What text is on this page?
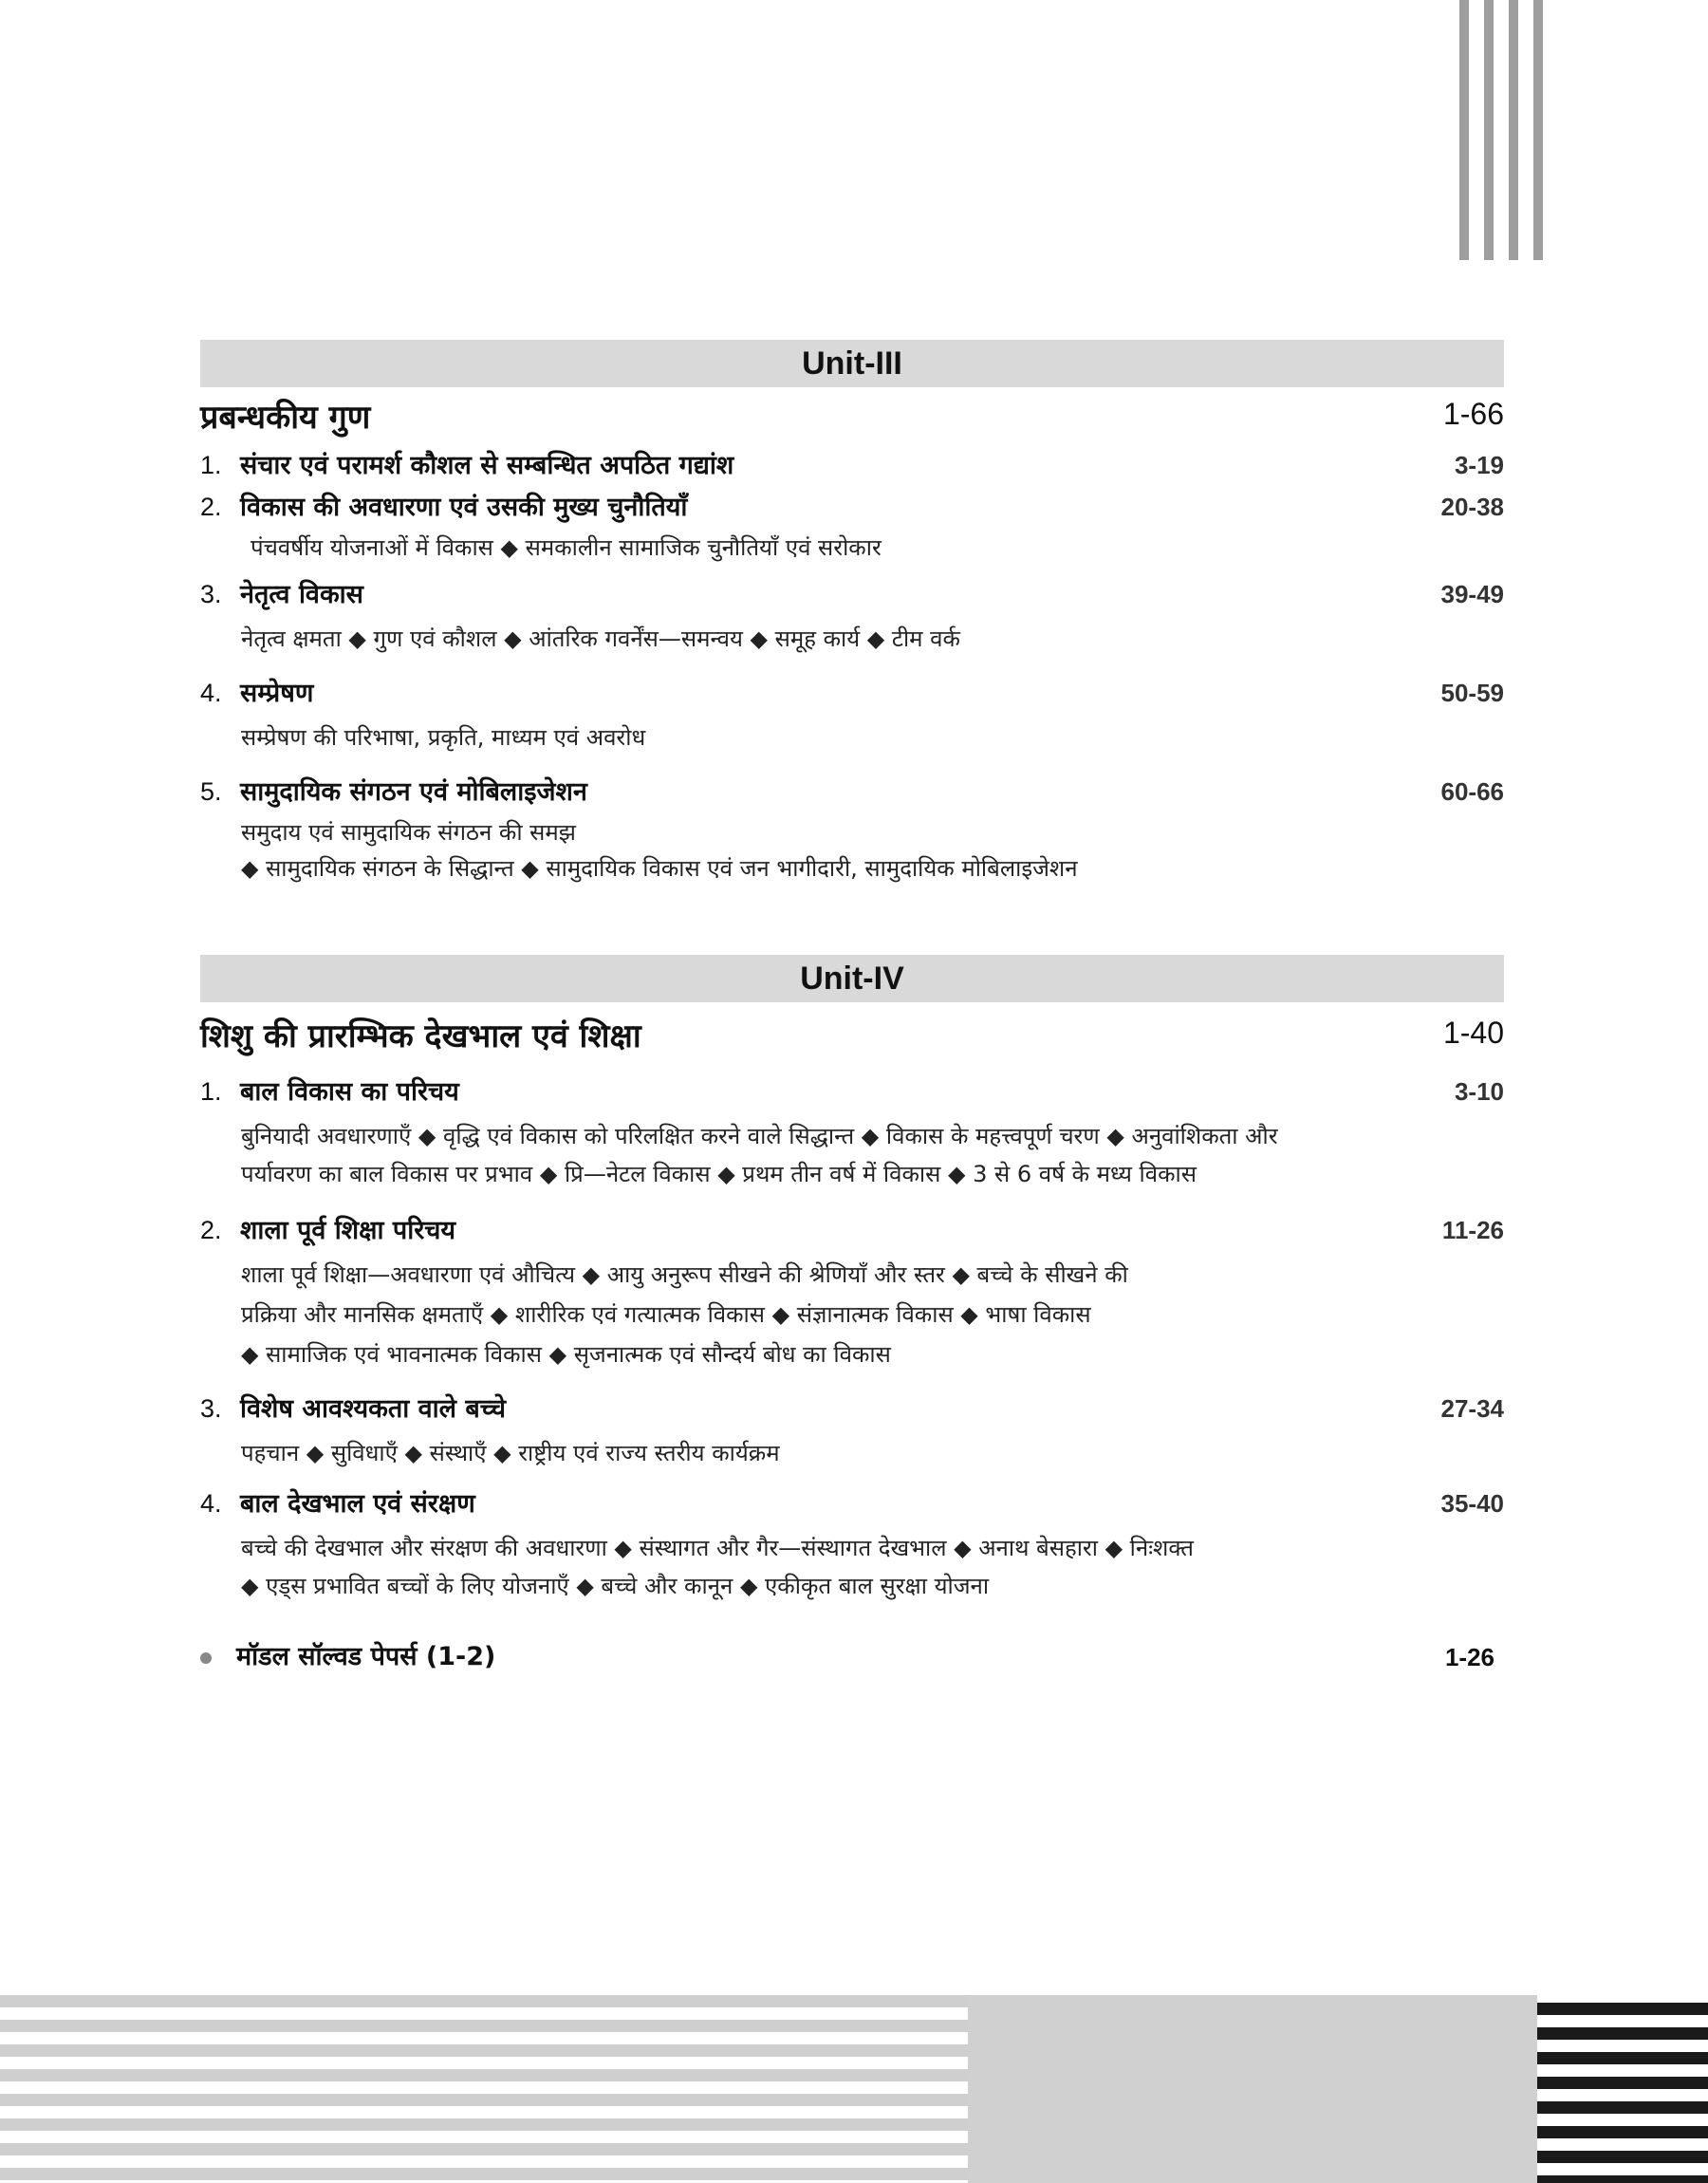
Unit-III
प्रबन्धकीय गुण	1-66
1. संचार एवं परामर्श कौशल से सम्बन्धित अपठित गद्यांश	3-19
2. विकास की अवधारणा एवं उसकी मुख्य चुनौतियाँ	20-38
पंचवर्षीय योजनाओं में विकास ◆ समकालीन सामाजिक चुनौतियाँ एवं सरोकार
3. नेतृत्व विकास	39-49
नेतृत्व क्षमता ◆ गुण एवं कौशल ◆ आंतरिक गवर्नेंस—समन्वय ◆ समूह कार्य ◆ टीम वर्क
4. सम्प्रेषण	50-59
सम्प्रेषण की परिभाषा, प्रकृति, माध्यम एवं अवरोध
5. सामुदायिक संगठन एवं मोबिलाइजेशन	60-66
समुदाय एवं सामुदायिक संगठन की समझ
◆ सामुदायिक संगठन के सिद्धान्त ◆ सामुदायिक विकास एवं जन भागीदारी, सामुदायिक मोबिलाइजेशन
Unit-IV
शिशु की प्रारम्भिक देखभाल एवं शिक्षा	1-40
1. बाल विकास का परिचय	3-10
बुनियादी अवधारणाएँ ◆ वृद्धि एवं विकास को परिलक्षित करने वाले सिद्धान्त ◆ विकास के महत्त्वपूर्ण चरण ◆ अनुवांशिकता और
पर्यावरण का बाल विकास पर प्रभाव ◆ प्रि—नेटल विकास ◆ प्रथम तीन वर्ष में विकास ◆ 3 से 6 वर्ष के मध्य विकास
2. शाला पूर्व शिक्षा परिचय	11-26
शाला पूर्व शिक्षा—अवधारणा एवं औचित्य ◆ आयु अनुरूप सीखने की श्रेणियाँ और स्तर ◆ बच्चे के सीखने की
प्रक्रिया और मानसिक क्षमताएँ ◆ शारीरिक एवं गत्यात्मक विकास ◆ संज्ञानात्मक विकास ◆ भाषा विकास
◆ सामाजिक एवं भावनात्मक विकास ◆ सृजनात्मक एवं सौन्दर्य बोध का विकास
3. विशेष आवश्यकता वाले बच्चे	27-34
पहचान ◆ सुविधाएँ ◆ संस्थाएँ ◆ राष्ट्रीय एवं राज्य स्तरीय कार्यक्रम
4. बाल देखभाल एवं संरक्षण	35-40
बच्चे की देखभाल और संरक्षण की अवधारणा ◆ संस्थागत और गैर—संस्थागत देखभाल ◆ अनाथ बेसहारा ◆ निःशक्त
◆ एड्स प्रभावित बच्चों के लिए योजनाएँ ◆ बच्चे और कानून ◆ एकीकृत बाल सुरक्षा योजना
मॉडल सॉल्वड पेपर्स (1-2)	1-26
